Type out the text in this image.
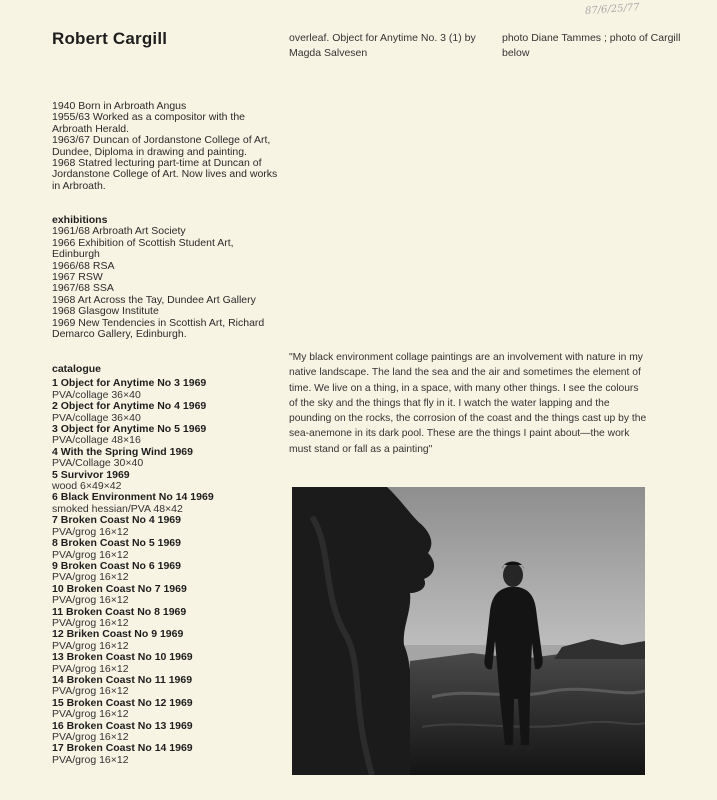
Robert Cargill	overleaf. Object for Anytime No. 3 (1) by Magda Salvesen
photo Diane Tammes ; photo of Cargill below
87/6/25/77
1940 Born in Arbroath Angus
1955/63 Worked as a compositor with the Arbroath Herald.
1963/67 Duncan of Jordanstone College of Art, Dundee, Diploma in drawing and painting.
1968 Statred lecturing part-time at Duncan of Jordanstone College of Art. Now lives and works in Arbroath.
exhibitions
1961/68 Arbroath Art Society
1966 Exhibition of Scottish Student Art, Edinburgh
1966/68 RSA
1967 RSW
1967/68 SSA
1968 Art Across the Tay, Dundee Art Gallery
1968 Glasgow Institute
1969 New Tendencies in Scottish Art, Richard Demarco Gallery, Edinburgh.
catalogue
1 Object for Anytime No 3 1969
PVA/collage 36×40
2 Object for Anytime No 4 1969
PVA/collage 36×40
3 Object for Anytime No 5 1969
PVA/collage 48×16
4 With the Spring Wind 1969
PVA/Collage 30×40
5 Survivor 1969
wood 6×49×42
6 Black Environment No 14 1969
smoked hessian/PVA 48×42
7 Broken Coast No 4 1969
PVA/grog 16×12
8 Broken Coast No 5 1969
PVA/grog 16×12
9 Broken Coast No 6 1969
PVA/grog 16×12
10 Broken Coast No 7 1969
PVA/grog 16×12
11 Broken Coast No 8 1969
PVA/grog 16×12
12 Briken Coast No 9 1969
PVA/grog 16×12
13 Broken Coast No 10 1969
PVA/grog 16×12
14 Broken Coast No 11 1969
PVA/grog 16×12
15 Broken Coast No 12 1969
PVA/grog 16×12
16 Broken Coast No 13 1969
PVA/grog 16×12
17 Broken Coast No 14 1969
PVA/grog 16×12
"My black environment collage paintings are an involvement with nature in my native landscape. The land the sea and the air and sometimes the element of time. We live on a thing, in a space, with many other things. I see the colours of the sky and the things that fly in it. I watch the water lapping and the pounding on the rocks, the corrosion of the coast and the things cast up by the sea-anemone in its dark pool. These are the things I paint about—the work must stand or fall as a painting"
